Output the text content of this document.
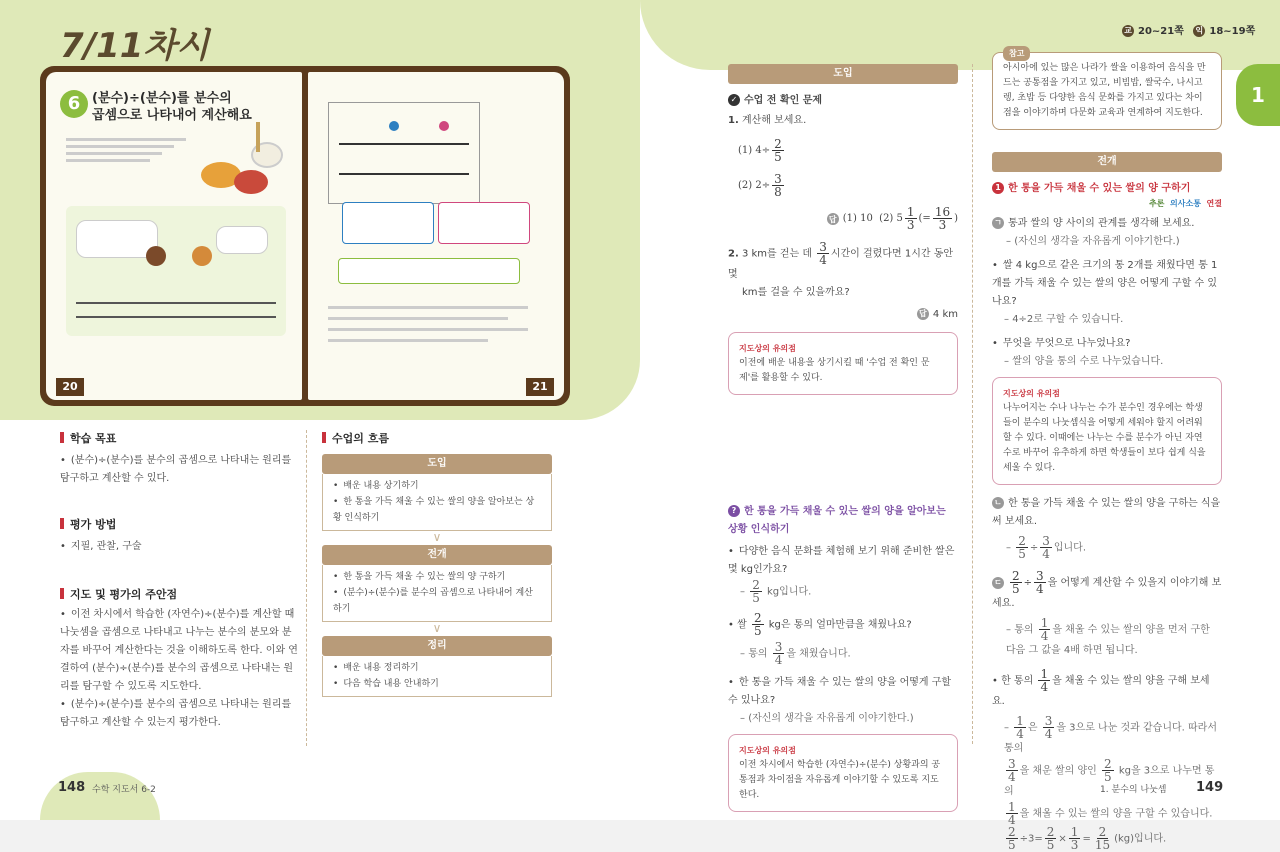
7/11차시
6 (분수)÷(분수)를 분수의
곱셈으로 나타내어 계산해요
20	21
학습 목표
• (분수)÷(분수)를 분수의 곱셈으로 나타내는 원리를 탐구하고 계산할 수 있다.
평가 방법
• 지필, 관찰, 구술
지도 및 평가의 주안점
• 이전 차시에서 학습한 (자연수)÷(분수)를 계산할 때 나눗셈을 곱셈으로 나타내고 나누는 분수의 분모와 분자를 바꾸어 계산한다는 것을 이해하도록 한다. 이와 연결하여 (분수)÷(분수)를 분수의 곱셈으로 나타내는 원리를 탐구할 수 있도록 지도한다.
• (분수)÷(분수)를 분수의 곱셈으로 나타내는 원리를 탐구하고 계산할 수 있는지 평가한다.
수업의 흐름
도입
• 배운 내용 상기하기
• 한 통을 가득 채울 수 있는 쌀의 양을 알아보는 상황 인식하기
∨
전개
• 한 통을 가득 채울 수 있는 쌀의 양 구하기
• (분수)÷(분수)를 분수의 곱셈으로 나타내어 계산하기
∨
정리
• 배운 내용 정리하기
• 다음 학습 내용 안내하기
148 수학 지도서 6-2
교 20~21쪽 익 18~19쪽
1
도입
✓ 수업 전 확인 문제
1. 계산해 보세요.
(1) $4\div \frac{2}{5}$
(2) $2\div \frac{3}{8}$
답 (1) 10 (2) $5 \frac{1}{3}$ (= $\frac{16}{3}$ )
2. 3 km를 걷는 데 $\frac{3}{4}$ 시간이 걸렸다면 1시간 동안 몇
km를 걸을 수 있을까요?
답 4 km
지도상의 유의점
이전에 배운 내용을 상기시킬 때 '수업 전 확인 문제'를 활용할 수 있다.
? 한 통을 가득 채울 수 있는 쌀의 양을 알아보는 상황 인식하기
• 다양한 음식 문화를 체험해 보기 위해 준비한 쌀은 몇 kg인가요?
– $\frac{2}{5}$ kg입니다.
• 쌀 $\frac{2}{5}$ kg은 통의 얼마만큼을 채웠나요?
– 통의 $\frac{3}{4}$ 을 채웠습니다.
• 한 통을 가득 채울 수 있는 쌀의 양을 어떻게 구할 수 있나요?
– (자신의 생각을 자유롭게 이야기한다.)
지도상의 유의점
이전 차시에서 학습한 (자연수)÷(분수) 상황과의 공통점과 차이점을 자유롭게 이야기할 수 있도록 지도한다.
참고
아시아에 있는 많은 나라가 쌀을 이용하여 음식을 만드는 공통점을 가지고 있고, 비빔밥, 쌀국수, 나시고렝, 초밥 등 다양한 음식 문화를 가지고 있다는 차이점을 이야기하며 다문화 교육과 연계하여 지도한다.
전개
1 한 통을 가득 채울 수 있는 쌀의 양 구하기
추론 의사소통 연결
ㄱ 통과 쌀의 양 사이의 관계를 생각해 보세요.
– (자신의 생각을 자유롭게 이야기한다.)
• 쌀 4 kg으로 같은 크기의 통 2개를 채웠다면 통 1개를 가득 채울 수 있는 쌀의 양은 어떻게 구할 수 있나요?
– 4÷2로 구할 수 있습니다.
• 무엇을 무엇으로 나누었나요?
– 쌀의 양을 통의 수로 나누었습니다.
지도상의 유의점
나누어지는 수나 나누는 수가 분수인 경우에는 학생들이 분수의 나눗셈식을 어떻게 세워야 할지 어려워할 수 있다. 이때에는 나누는 수를 분수가 아닌 자연수로 바꾸어 유추하게 하면 학생들이 보다 쉽게 식을 세울 수 있다.
ㄴ 한 통을 가득 채울 수 있는 쌀의 양을 구하는 식을 써 보세요.
– $\frac{2}{5} \div \frac{3}{4}$ 입니다.
ㄷ $\frac{2}{5} \div \frac{3}{4}$ 을 어떻게 계산할 수 있을지 이야기해 보세요.
– 통의 $\frac{1}{4}$ 을 채울 수 있는 쌀의 양을 먼저 구한 다음 그 값을 4배 하면 됩니다.
• 한 통의 $\frac{1}{4}$ 을 채울 수 있는 쌀의 양을 구해 보세요.
– $\frac{1}{4}$ 은 $\frac{3}{4}$ 을 3으로 나눈 것과 같습니다. 따라서 통의

$\frac{3}{4}$ 을 채운 쌀의 양인 $\frac{2}{5}$ kg을 3으로 나누면 통의

$\frac{1}{4}$ 을 채울 수 있는 쌀의 양을 구할 수 있습니다.

$\frac{2}{5} \div 3= \frac{2}{5} \times \frac{1}{3} = \frac{2}{15} (kg)$입니다.
1. 분수의 나눗셈 149
